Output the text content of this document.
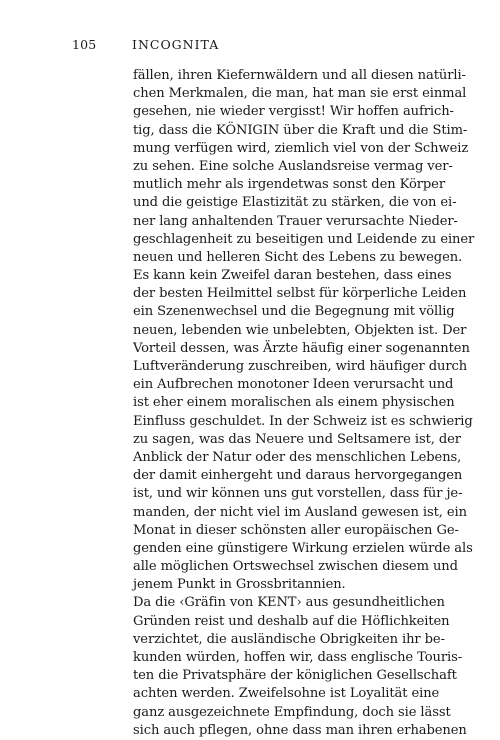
105	INCOGNITA
fällen, ihren Kiefernwäldern und all diesen natürli-
chen Merkmalen, die man, hat man sie erst einmal
gesehen, nie wieder vergisst! Wir hoffen aufrich-
tig, dass die KÖNIGIN über die Kraft und die Stim-
mung verfügen wird, ziemlich viel von der Schweiz
zu sehen. Eine solche Auslandsreise vermag ver-
mutlich mehr als irgendetwas sonst den Körper
und die geistige Elastizität zu stärken, die von ei-
ner lang anhaltenden Trauer verursachte Nieder-
geschlagenheit zu beseitigen und Leidende zu einer
neuen und helleren Sicht des Lebens zu bewegen.
Es kann kein Zweifel daran bestehen, dass eines
der besten Heilmittel selbst für körperliche Leiden
ein Szenenwechsel und die Begegnung mit völlig
neuen, lebenden wie unbelebten, Objekten ist. Der
Vorteil dessen, was Ärzte häufig einer sogenannten
Luftveränderung zuschreiben, wird häufiger durch
ein Aufbrechen monotoner Ideen verursacht und
ist eher einem moralischen als einem physischen
Einfluss geschuldet. In der Schweiz ist es schwierig
zu sagen, was das Neuere und Seltsamere ist, der
Anblick der Natur oder des menschlichen Lebens,
der damit einhergeht und daraus hervorgegangen
ist, und wir können uns gut vorstellen, dass für je-
manden, der nicht viel im Ausland gewesen ist, ein
Monat in dieser schönsten aller europäischen Ge-
genden eine günstigere Wirkung erzielen würde als
alle möglichen Ortswechsel zwischen diesem und
jenem Punkt in Grossbritannien.
Da die ‹Gräfin von KENT› aus gesundheitlichen
Gründen reist und deshalb auf die Höflichkeiten
verzichtet, die ausländische Obrigkeiten ihr be-
kunden würden, hoffen wir, dass englische Touris-
ten die Privatsphäre der königlichen Gesellschaft
achten werden. Zweifelsohne ist Loyalität eine
ganz ausgezeichnete Empfindung, doch sie lässt
sich auch pflegen, ohne dass man ihren erhabenen
